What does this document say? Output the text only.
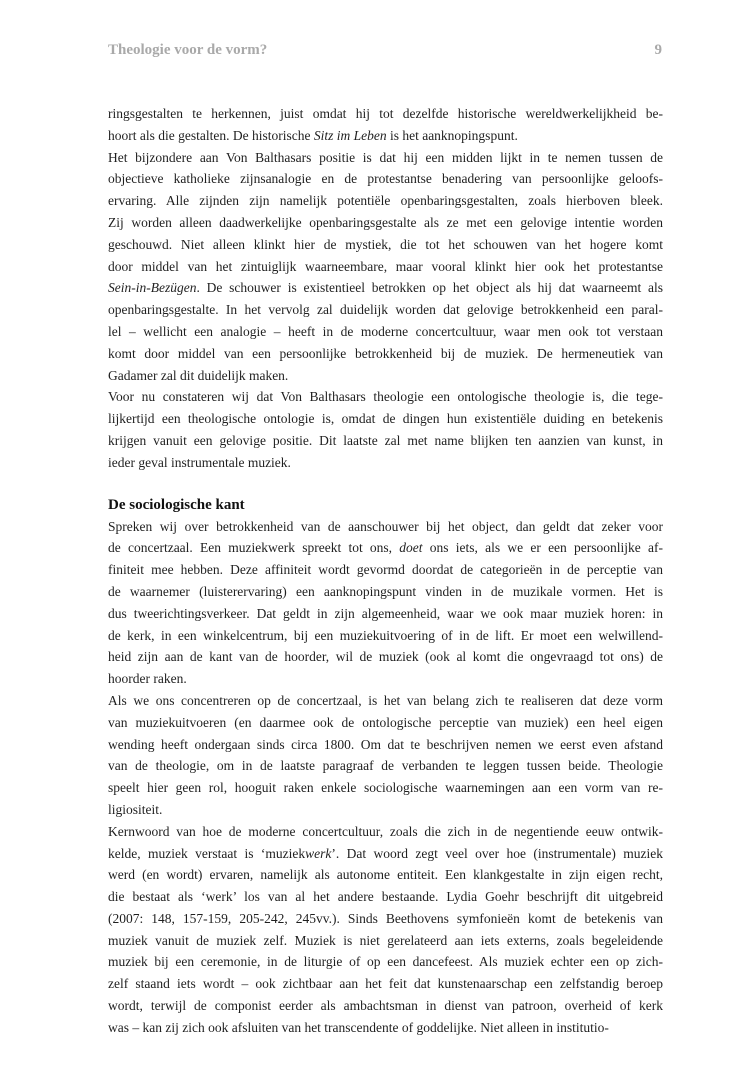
Theologie voor de vorm?	9
ringsgestalten te herkennen, juist omdat hij tot dezelfde historische wereldwerkelijkheid be-
hoort als die gestalten. De historische Sitz im Leben is het aanknopingspunt.
Het bijzondere aan Von Balthasars positie is dat hij een midden lijkt in te nemen tussen de
objectieve katholieke zijnsanalogie en de protestantse benadering van persoonlijke geloofs-
ervaring. Alle zijnden zijn namelijk potentiële openbaringsgestalten, zoals hierboven bleek.
Zij worden alleen daadwerkelijke openbaringsgestalte als ze met een gelovige intentie worden
geschouwd. Niet alleen klinkt hier de mystiek, die tot het schouwen van het hogere komt
door middel van het zintuiglijk waarneembare, maar vooral klinkt hier ook het protestantse
Sein-in-Bezügen. De schouwer is existentieel betrokken op het object als hij dat waarneemt als
openbaringsgestalte. In het vervolg zal duidelijk worden dat gelovige betrokkenheid een paral-
lel – wellicht een analogie – heeft in de moderne concertcultuur, waar men ook tot verstaan
komt door middel van een persoonlijke betrokkenheid bij de muziek. De hermeneutiek van
Gadamer zal dit duidelijk maken.
Voor nu constateren wij dat Von Balthasars theologie een ontologische theologie is, die tege-
lijkertijd een theologische ontologie is, omdat de dingen hun existentiële duiding en betekenis
krijgen vanuit een gelovige positie. Dit laatste zal met name blijken ten aanzien van kunst, in
ieder geval instrumentale muziek.
De sociologische kant
Spreken wij over betrokkenheid van de aanschouwer bij het object, dan geldt dat zeker voor
de concertzaal. Een muziekwerk spreekt tot ons, doet ons iets, als we er een persoonlijke af-
finiteit mee hebben. Deze affiniteit wordt gevormd doordat de categorieën in de perceptie van
de waarnemer (luisterervaring) een aanknopingspunt vinden in de muzikale vormen. Het is
dus tweerichtingsverkeer. Dat geldt in zijn algemeenheid, waar we ook maar muziek horen: in
de kerk, in een winkelcentrum, bij een muziekuitvoering of in de lift. Er moet een welwillend-
heid zijn aan de kant van de hoorder, wil de muziek (ook al komt die ongevraagd tot ons) de
hoorder raken.
Als we ons concentreren op de concertzaal, is het van belang zich te realiseren dat deze vorm
van muziekuitvoeren (en daarmee ook de ontologische perceptie van muziek) een heel eigen
wending heeft ondergaan sinds circa 1800. Om dat te beschrijven nemen we eerst even afstand
van de theologie, om in de laatste paragraaf de verbanden te leggen tussen beide. Theologie
speelt hier geen rol, hooguit raken enkele sociologische waarnemingen aan een vorm van re-
ligiositeit.
Kernwoord van hoe de moderne concertcultuur, zoals die zich in de negentiende eeuw ontwik-
kelde, muziek verstaat is ‘muziekwerk’. Dat woord zegt veel over hoe (instrumentale) muziek
werd (en wordt) ervaren, namelijk als autonome entiteit. Een klankgestalte in zijn eigen recht,
die bestaat als ‘werk’ los van al het andere bestaande. Lydia Goehr beschrijft dit uitgebreid
(2007: 148, 157-159, 205-242, 245vv.). Sinds Beethovens symfonieën komt de betekenis van
muziek vanuit de muziek zelf. Muziek is niet gerelateerd aan iets externs, zoals begeleidende
muziek bij een ceremonie, in de liturgie of op een dancefeest. Als muziek echter een op zich-
zelf staand iets wordt – ook zichtbaar aan het feit dat kunstenaarschap een zelfstandig beroep
wordt, terwijl de componist eerder als ambachtsman in dienst van patroon, overheid of kerk
was – kan zij zich ook afsluiten van het transcendente of goddelijke. Niet alleen in institutio-
